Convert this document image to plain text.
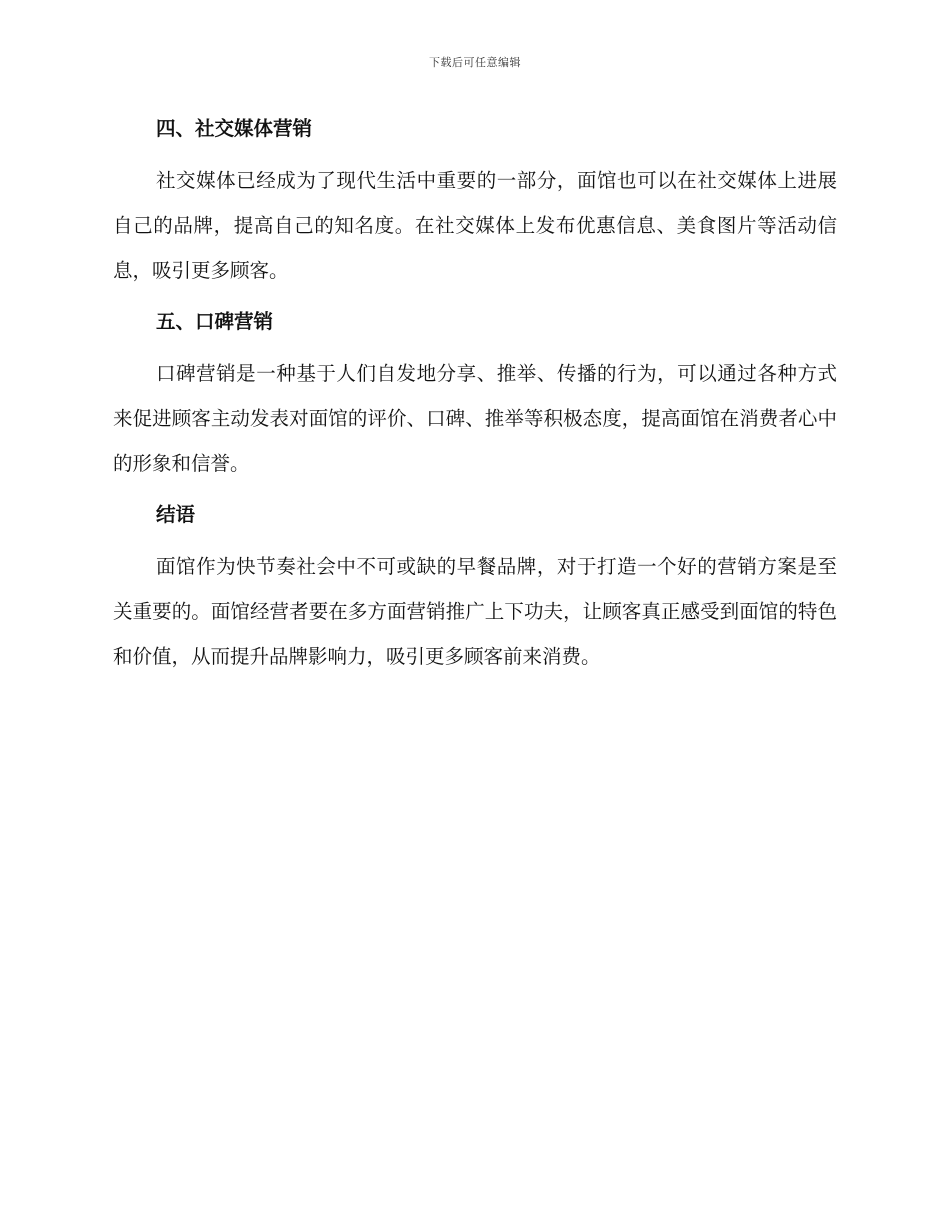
下载后可任意编辑
四、社交媒体营销

社交媒体已经成为了现代生活中重要的一部分，面馆也可以在社交媒体上进展自己的品牌，提高自己的知名度。在社交媒体上发布优惠信息、美食图片等活动信息，吸引更多顾客。

五、口碑营销

口碑营销是一种基于人们自发地分享、推举、传播的行为，可以通过各种方式来促进顾客主动发表对面馆的评价、口碑、推举等积极态度，提高面馆在消费者心中的形象和信誉。

结语

面馆作为快节奏社会中不可或缺的早餐品牌，对于打造一个好的营销方案是至关重要的。面馆经营者要在多方面营销推广上下功夫，让顾客真正感受到面馆的特色和价值，从而提升品牌影响力，吸引更多顾客前来消费。
